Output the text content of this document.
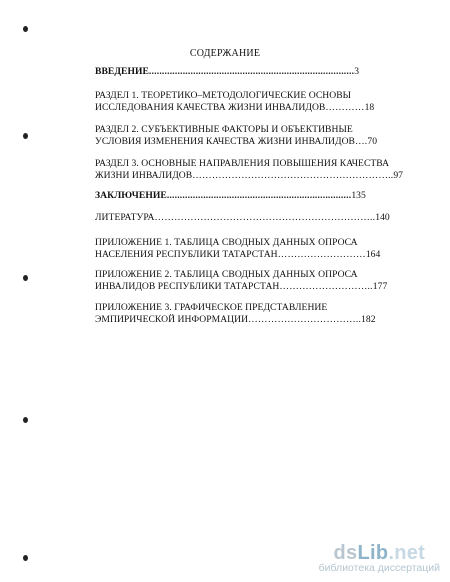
СОДЕРЖАНИЕ
ВВЕДЕНИЕ...............................................................................3
РАЗДЕЛ 1. ТЕОРЕТИКО–МЕТОДОЛОГИЧЕСКИЕ ОСНОВЫ
ИССЛЕДОВАНИЯ КАЧЕСТВА ЖИЗНИ ИНВАЛИДОВ…………18
РАЗДЕЛ 2. СУБЪЕКТИВНЫЕ ФАКТОРЫ И ОБЪЕКТИВНЫЕ
УСЛОВИЯ ИЗМЕНЕНИЯ КАЧЕСТВА ЖИЗНИ ИНВАЛИДОВ….70
РАЗДЕЛ 3. ОСНОВНЫЕ НАПРАВЛЕНИЯ ПОВЫШЕНИЯ КАЧЕСТВА
ЖИЗНИ ИНВАЛИДОВ……………………………………………………..97
ЗАКЛЮЧЕНИЕ.......................................................................135
ЛИТЕРАТУРА…………………………………………………………..140
ПРИЛОЖЕНИЕ 1. ТАБЛИЦА СВОДНЫХ ДАННЫХ ОПРОСА
НАСЕЛЕНИЯ РЕСПУБЛИКИ ТАТАРСТАН………………………164
ПРИЛОЖЕНИЕ 2. ТАБЛИЦА СВОДНЫХ ДАННЫХ ОПРОСА
ИНВАЛИДОВ РЕСПУБЛИКИ ТАТАРСТАН………………………..177
ПРИЛОЖЕНИЕ 3. ГРАФИЧЕСКОЕ ПРЕДСТАВЛЕНИЕ
ЭМПИРИЧЕСКОЙ ИНФОРМАЦИИ……………………………..182
dsLib.net
библиотека диссертаций
